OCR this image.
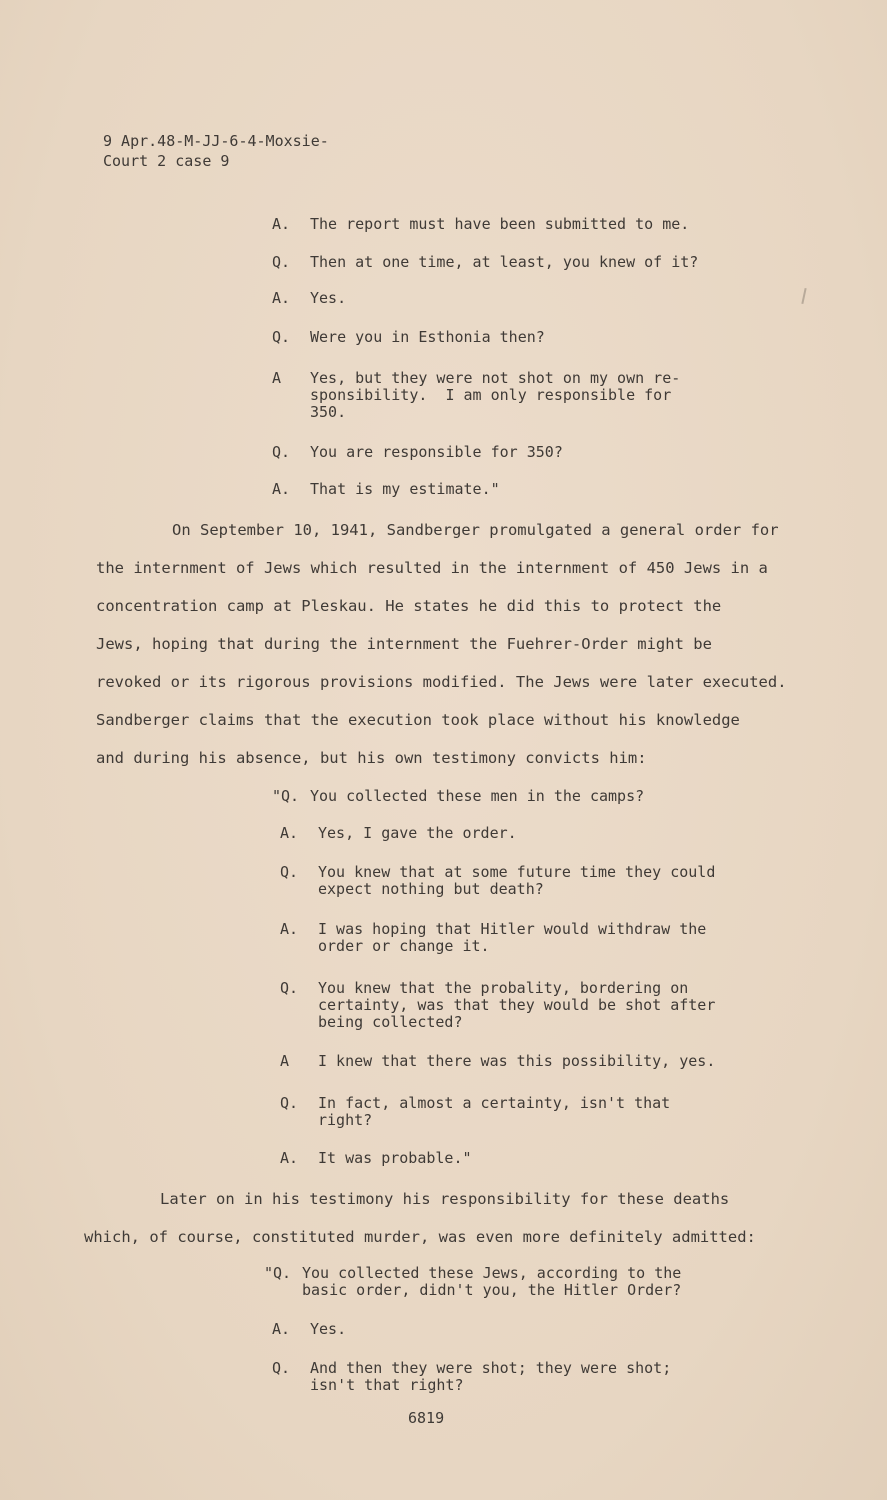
9 Apr.48-M-JJ-6-4-Moxsie-
Court 2 case 9
A.	The report must have been submitted to me.
Q.	Then at one time, at least, you knew of it?
A.	Yes.
Q.	Were you in Esthonia then?
A	Yes, but they were not shot on my own re-
sponsibility.  I am only responsible for
350.
Q.	You are responsible for 350?
A.	That is my estimate."
On September 10, 1941, Sandberger promulgated a general order for
the internment of Jews which resulted in the internment of 450 Jews in a
concentration camp at Pleskau. He states he did this to protect the
Jews, hoping that during the internment the Fuehrer-Order might be
revoked or its rigorous provisions modified. The Jews were later executed.
Sandberger claims that the execution took place without his knowledge
and during his absence, but his own testimony convicts him:
"Q. You collected these men in the camps?
A.	Yes, I gave the order.
Q.	You knew that at some future time they could
expect nothing but death?
A.	I was hoping that Hitler would withdraw the
order or change it.
Q.	You knew that the probality, bordering on
certainty, was that they would be shot after
being collected?
A	I knew that there was this possibility, yes.
Q.	In fact, almost a certainty, isn't that
right?
A.	It was probable."
Later on in his testimony his responsibility for these deaths
which, of course, constituted murder, was even more definitely admitted:
"Q. You collected these Jews, according to the
basic order, didn't you, the Hitler Order?
A.	Yes.
Q.	And then they were shot; they were shot;
isn't that right?
6819
